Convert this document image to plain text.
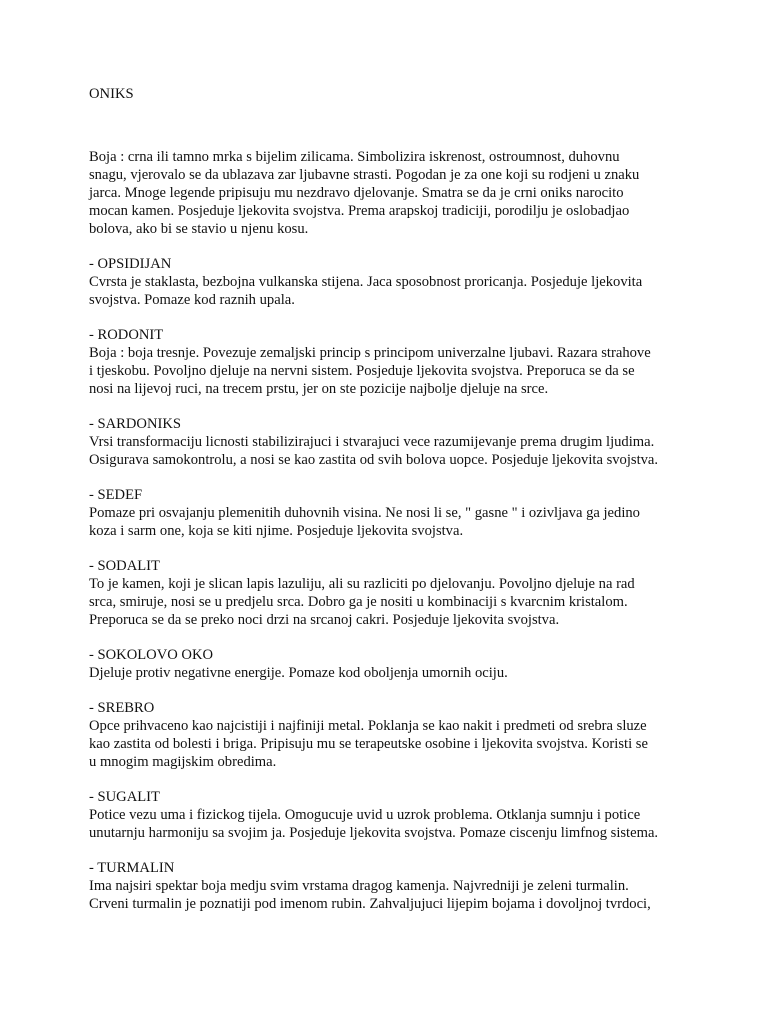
ONIKS
Boja : crna ili tamno mrka s bijelim zilicama. Simbolizira iskrenost, ostroumnost, duhovnu
snagu, vjerovalo se da ublazava zar ljubavne strasti. Pogodan je za one koji su rodjeni u znaku
jarca. Mnoge legende pripisuju mu nezdravo djelovanje. Smatra se da je crni oniks narocito
mocan kamen. Posjeduje ljekovita svojstva. Prema arapskoj tradiciji, porodilju je oslobadjao
bolova, ako bi se stavio u njenu kosu.
- OPSIDIJAN
Cvrsta je staklasta, bezbojna vulkanska stijena. Jaca sposobnost proricanja. Posjeduje ljekovita
svojstva. Pomaze kod raznih upala.
- RODONIT
Boja : boja tresnje. Povezuje zemaljski princip s principom univerzalne ljubavi. Razara strahove
i tjeskobu. Povoljno djeluje na nervni sistem. Posjeduje ljekovita svojstva. Preporuca se da se
nosi na lijevoj ruci, na trecem prstu, jer on ste pozicije najbolje djeluje na srce.
- SARDONIKS
Vrsi transformaciju licnosti stabilizirajuci i stvarajuci vece razumijevanje prema drugim ljudima.
Osigurava samokontrolu, a nosi se kao zastita od svih bolova uopce. Posjeduje ljekovita svojstva.
- SEDEF
Pomaze pri osvajanju plemenitih duhovnih visina. Ne nosi li se, " gasne " i ozivljava ga jedino
koza i sarm one, koja se kiti njime. Posjeduje ljekovita svojstva.
- SODALIT
To je kamen, koji je slican lapis lazuliju, ali su razliciti po djelovanju. Povoljno djeluje na rad
srca, smiruje, nosi se u predjelu srca. Dobro ga je nositi u kombinaciji s kvarcnim kristalom.
Preporuca se da se preko noci drzi na srcanoj cakri. Posjeduje ljekovita svojstva.
- SOKOLOVO OKO
Djeluje protiv negativne energije. Pomaze kod oboljenja umornih ociju.
- SREBRO
Opce prihvaceno kao najcistiji i najfiniji metal. Poklanja se kao nakit i predmeti od srebra sluze
kao zastita od bolesti i briga. Pripisuju mu se terapeutske osobine i ljekovita svojstva. Koristi se
u mnogim magijskim obredima.
- SUGALIT
Potice vezu uma i fizickog tijela. Omogucuje uvid u uzrok problema. Otklanja sumnju i potice
unutarnju harmoniju sa svojim ja. Posjeduje ljekovita svojstva. Pomaze ciscenju limfnog sistema.
- TURMALIN
Ima najsiri spektar boja medju svim vrstama dragog kamenja. Najvredniji je zeleni turmalin.
Crveni turmalin je poznatiji pod imenom rubin. Zahvaljujuci lijepim bojama i dovoljnoj tvrdoci,
